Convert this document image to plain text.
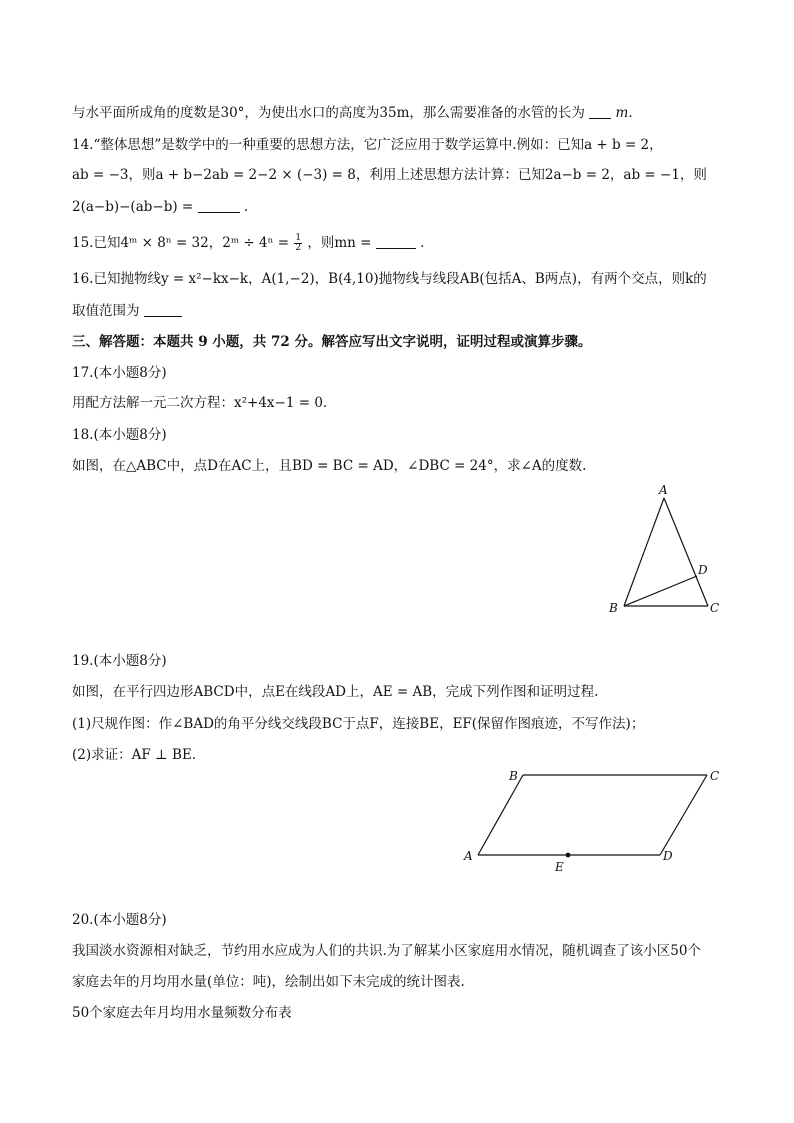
与水平面所成角的度数是30°，为使出水口的高度为35m，那么需要准备的水管的长为 m.
14.“整体思想”是数学中的一种重要的思想方法，它广泛应用于数学运算中.例如：已知a + b = 2，
ab = −3，则a + b−2ab = 2−2 × (−3) = 8，利用上述思想方法计算：已知2a−b = 2，ab = −1，则
2(a−b)−(ab−b) =	.
15.已知4ᵐ × 8ⁿ = 32，2ᵐ ÷ $4^n = \frac{1}{2}$ ，则mn =	.
16.已知抛物线y = x²−kx−k，A(1,−2)，B(4,10)抛物线与线段AB(包括A、B两点)，有两个交点，则k的
取值范围为
三、解答题：本题共 9 小题，共 72 分。解答应写出文字说明，证明过程或演算步骤。
17.(本小题8分)
用配方法解一元二次方程：x²+4x−1 = 0.
18.(本小题8分)
如图，在△ABC中，点D在AC上，且BD = BC = AD，∠DBC = 24°，求∠A的度数.
A
B	C
D
19.(本小题8分)
如图，在平行四边形ABCD中，点E在线段AD上，AE = AB，完成下列作图和证明过程.
(1)尺规作图：作∠BAD的角平分线交线段BC于点F，连接BE，EF(保留作图痕迹，不写作法)；
(2)求证：AF ⊥ BE.
B	C
A	D
E
20.(本小题8分)
我国淡水资源相对缺乏，节约用水应成为人们的共识.为了解某小区家庭用水情况，随机调查了该小区50个
家庭去年的月均用水量(单位：吨)，绘制出如下未完成的统计图表.
50个家庭去年月均用水量频数分布表
